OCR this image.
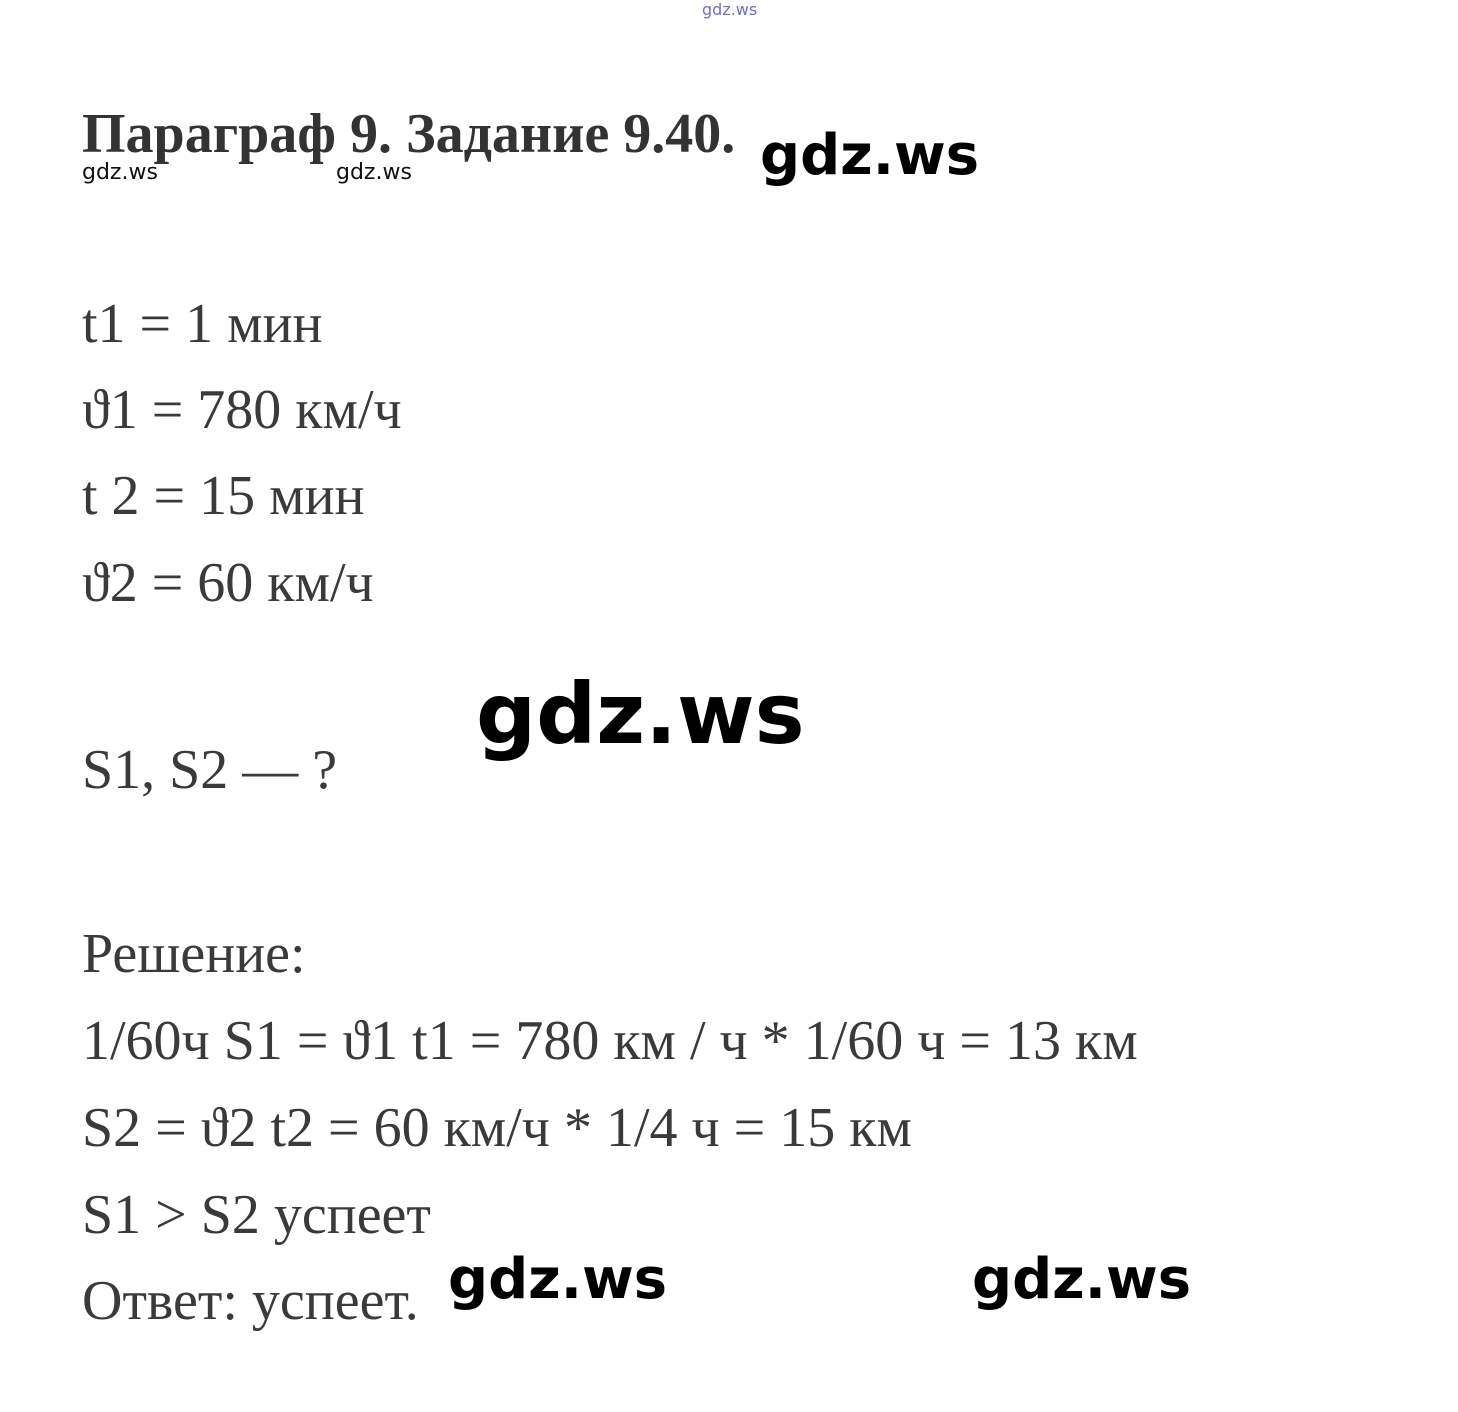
gdz.ws
Параграф 9. Задание 9.40. gdz.ws
gdz.ws	gdz.ws
t1 = 1 мин
ϑ1 = 780 км/ч
t 2 = 15 мин
ϑ2 = 60 км/ч
gdz.ws
S1, S2 — ?
Решение:
1/60ч S1 = ϑ1 t1 = 780 км / ч * 1/60 ч = 13 км
S2 = ϑ2 t2 = 60 км/ч * 1/4 ч = 15 км
S1 > S2 успеет
Ответ: успеет. gdz.ws	gdz.ws
